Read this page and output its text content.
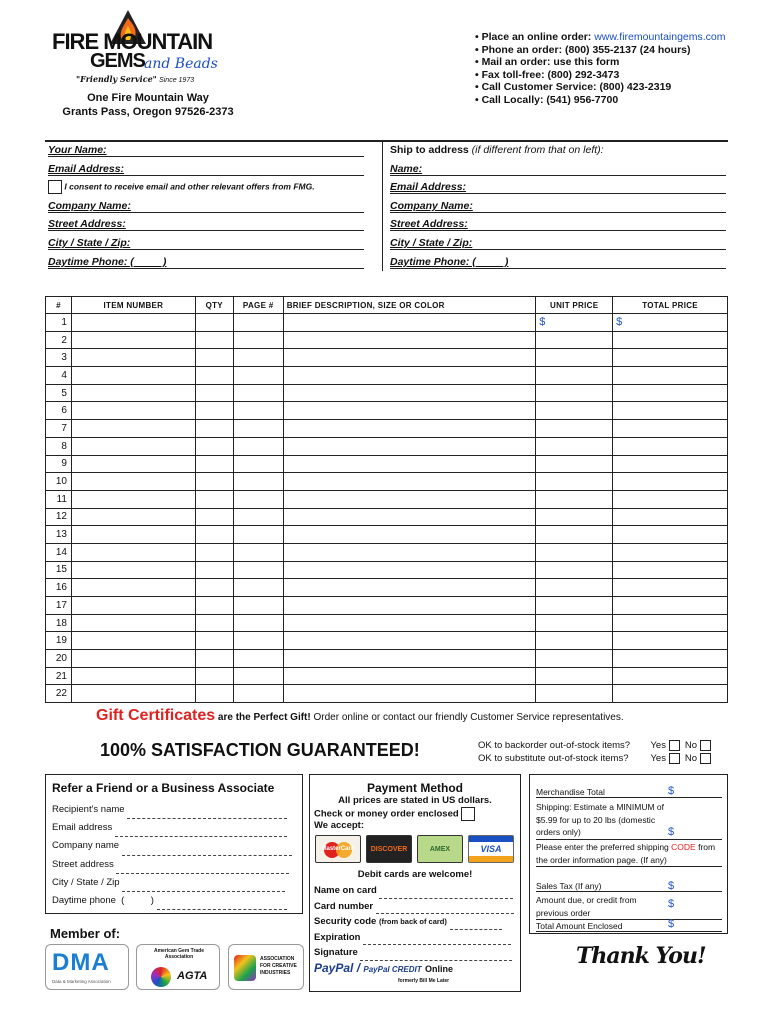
FIRE MOUNTAIN
GEMS and Beads
"Friendly Service" Since 1973
One Fire Mountain Way
Grants Pass, Oregon 97526-2373
• Place an online order: www.firemountaingems.com
• Phone an order: (800) 355-2137 (24 hours)
• Mail an order: use this form
• Fax toll-free: (800) 292-3473
• Call Customer Service: (800) 423-2319
• Call Locally: (541) 956-7700
Your Name:
Email Address:
I consent to receive email and other relevant offers from FMG.
Company Name:
Street Address:
City / State / Zip:
Daytime Phone: (          )
Ship to address (if different from that on left):
Name:
Email Address:
Company Name:
Street Address:
City / State / Zip:
Daytime Phone: (          )
#	ITEM NUMBER	QTY	PAGE #	BRIEF DESCRIPTION, SIZE OR COLOR	UNIT PRICE	TOTAL PRICE
1					$	$
2						
3						
4						
5						
6						
7						
8						
9						
10						
11						
12						
13						
14						
15						
16						
17						
18						
19						
20						
21						
22						
Gift Certificates are the Perfect Gift! Order online or contact our friendly Customer Service representatives.
100% SATISFACTION GUARANTEED!	OK to backorder out-of-stock items? Yes No
OK to substitute out-of-stock items? Yes No
Refer a Friend or a Business Associate
Recipient's name
Email address
Company name
Street address
City / State / Zip
Daytime phone  (          )
Member of:
DMA
Data & Marketing Association
American Gem Trade Association
AGTA
ASSOCIATION FOR CREATIVE INDUSTRIES
Payment Method
All prices are stated in US dollars.
Check or money order enclosed
We accept:
MasterCard DISCOVER	AMEX	VISA
Debit cards are welcome!
Name on card
Card number
Security code (from back of card)
Expiration
Signature
PayPal / PayPal CREDIT Online
formerly Bill Me Later
Merchandise Total	$
Shipping: Estimate a MINIMUM of $5.99 for up to 20 lbs (domestic orders only)	$
Please enter the preferred shipping CODE from the order information page. (If any)
Sales Tax (If any)	$
Amount due, or credit from previous order
$
Total Amount Enclosed	$
Thank You!
